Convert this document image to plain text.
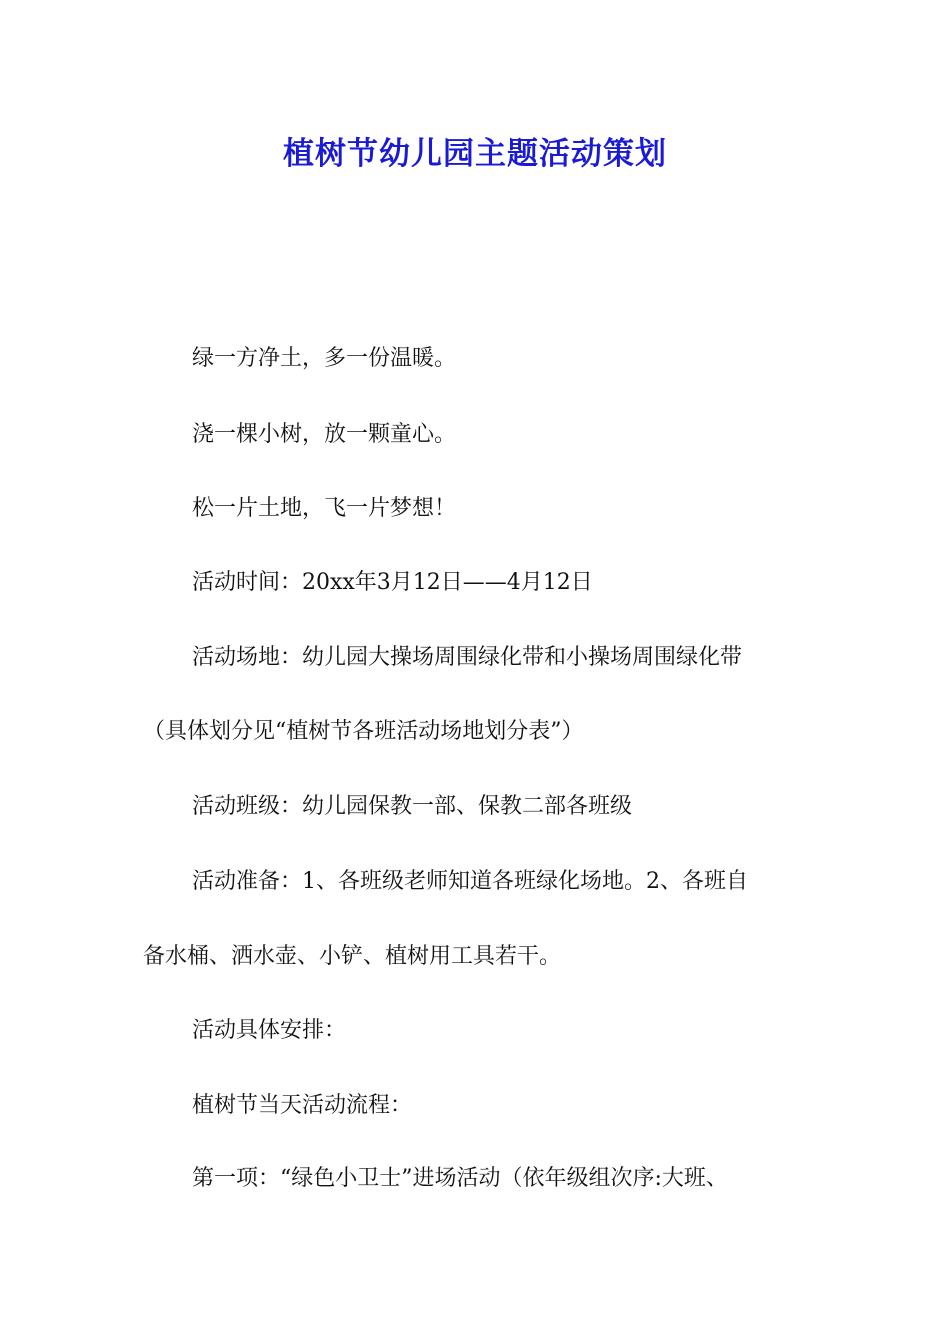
植树节幼儿园主题活动策划
绿一方净土，多一份温暖。
浇一棵小树，放一颗童心。
松一片土地，飞一片梦想！
活动时间：20xx年3月12日——4月12日
活动场地：幼儿园大操场周围绿化带和小操场周围绿化带
（具体划分见“植树节各班活动场地划分表”）
活动班级：幼儿园保教一部、保教二部各班级
活动准备：1、各班级老师知道各班绿化场地。2、各班自
备水桶、洒水壶、小铲、植树用工具若干。
活动具体安排：
植树节当天活动流程：
第一项：“绿色小卫士”进场活动（依年级组次序:大班、
